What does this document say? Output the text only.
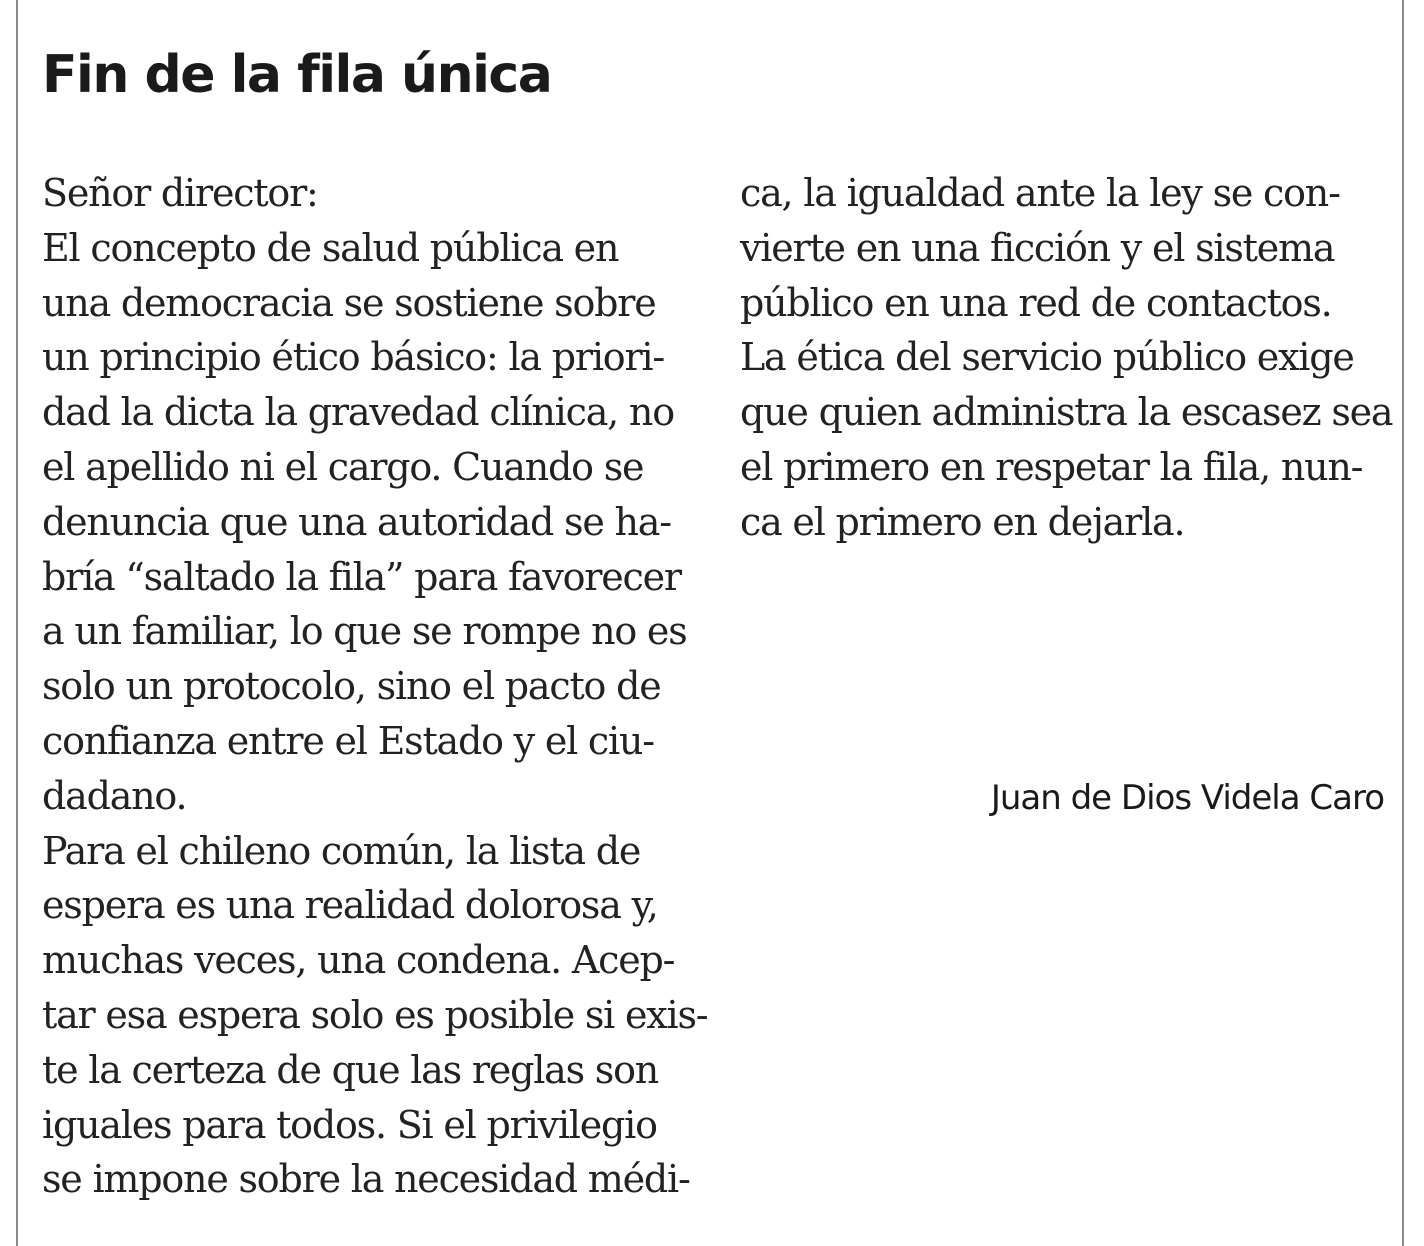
Fin de la fila única
Señor director:
El concepto de salud pública en
una democracia se sostiene sobre
un principio ético básico: la priori-
dad la dicta la gravedad clínica, no
el apellido ni el cargo. Cuando se
denuncia que una autoridad se ha-
bría “saltado la fila” para favorecer
a un familiar, lo que se rompe no es
solo un protocolo, sino el pacto de
confianza entre el Estado y el ciu-
dadano.
Para el chileno común, la lista de
espera es una realidad dolorosa y,
muchas veces, una condena. Acep-
tar esa espera solo es posible si exis-
te la certeza de que las reglas son
iguales para todos. Si el privilegio
se impone sobre la necesidad médi-
ca, la igualdad ante la ley se con-
vierte en una ficción y el sistema
público en una red de contactos.
La ética del servicio público exige
que quien administra la escasez sea
el primero en respetar la fila, nun-
ca el primero en dejarla.
Juan de Dios Videla Caro
